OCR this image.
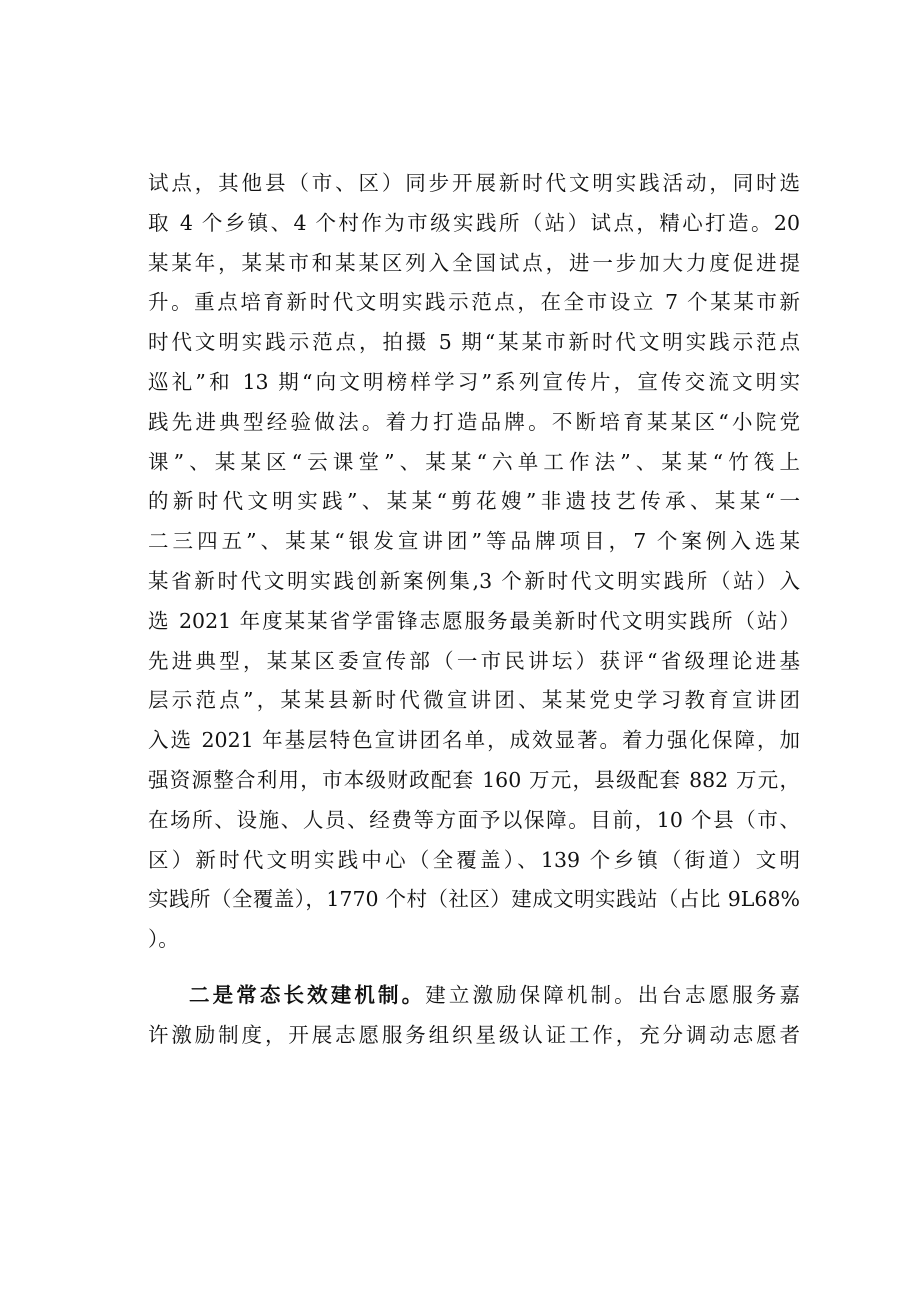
试点，其他县（市、区）同步开展新时代文明实践活动，同时选
取 4 个乡镇、4 个村作为市级实践所（站）试点，精心打造。20
某某年，某某市和某某区列入全国试点，进一步加大力度促进提
升。重点培育新时代文明实践示范点，在全市设立 7 个某某市新
时代文明实践示范点，拍摄 5 期“某某市新时代文明实践示范点
巡礼”和 13 期“向文明榜样学习”系列宣传片，宣传交流文明实
践先进典型经验做法。着力打造品牌。不断培育某某区“小院党
课”、某某区“云课堂”、某某“六单工作法”、某某“竹筏上
的新时代文明实践”、某某“剪花嫂”非遗技艺传承、某某“一
二三四五”、某某“银发宣讲团”等品牌项目，7 个案例入选某
某省新时代文明实践创新案例集,3 个新时代文明实践所（站）入
选 2021 年度某某省学雷锋志愿服务最美新时代文明实践所（站）
先进典型，某某区委宣传部（一市民讲坛）获评“省级理论进基
层示范点”，某某县新时代微宣讲团、某某党史学习教育宣讲团
入选 2021 年基层特色宣讲团名单，成效显著。着力强化保障，加
强资源整合利用，市本级财政配套 160 万元，县级配套 882 万元，
在场所、设施、人员、经费等方面予以保障。目前，10 个县（市、
区）新时代文明实践中心（全覆盖）、139 个乡镇（街道）文明
实践所（全覆盖），1770 个村（社区）建成文明实践站（占比 9L68%
）。
二是常态长效建机制。建立激励保障机制。出台志愿服务嘉
许激励制度，开展志愿服务组织星级认证工作，充分调动志愿者
